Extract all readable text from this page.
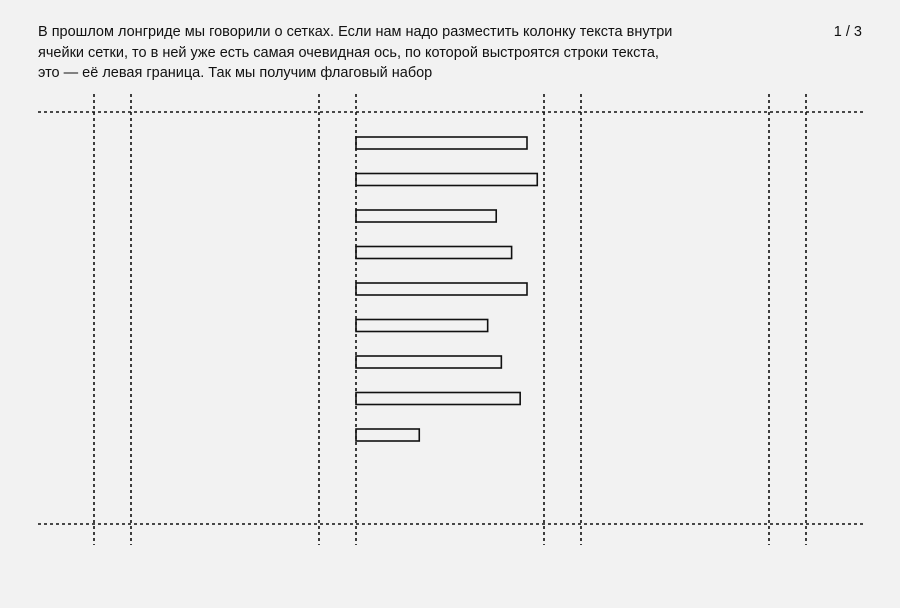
В прошлом лонгриде мы говорили о сетках. Если нам надо разместить колонку текста внутри
ячейки сетки, то в ней уже есть самая очевидная ось, по которой выстроятся строки текста,
это — её левая граница. Так мы получим флаговый набор

1 / 3
